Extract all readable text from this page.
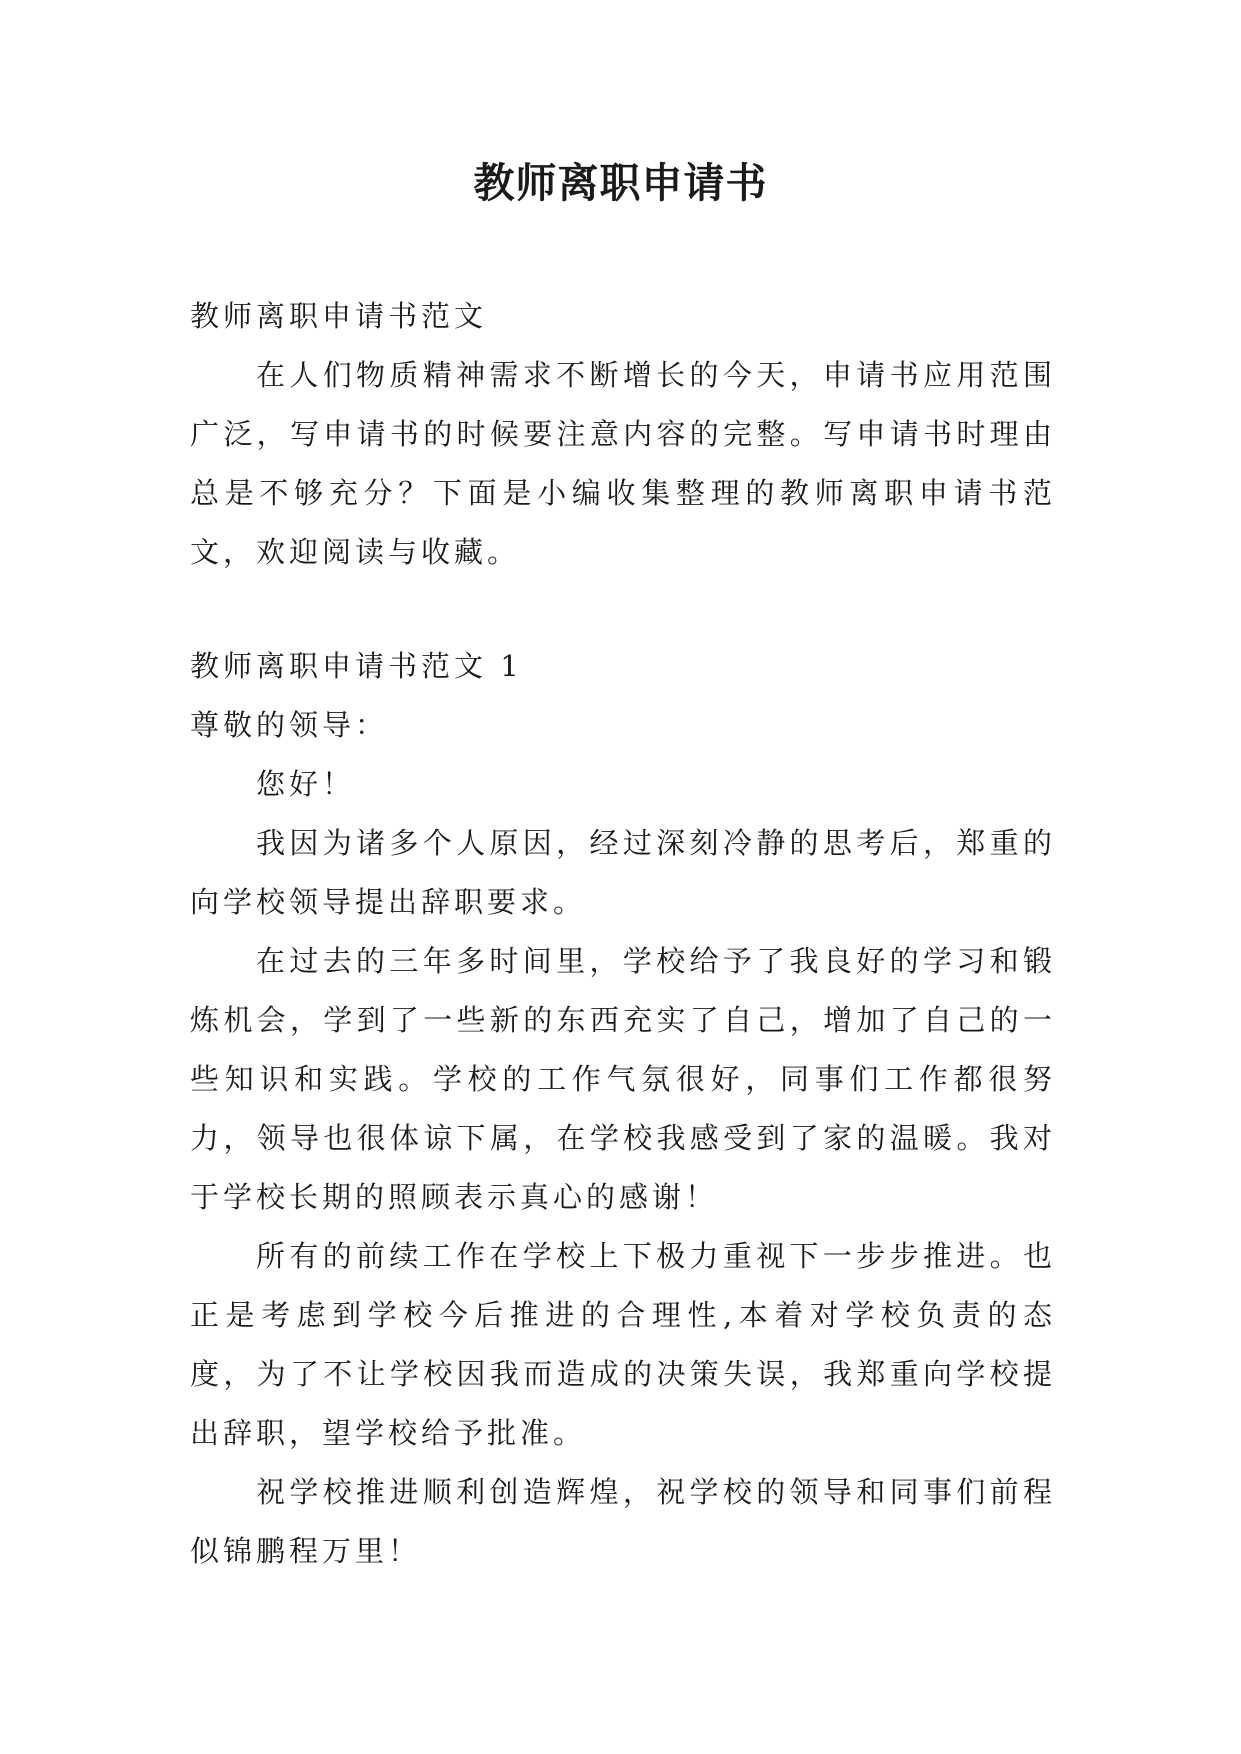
教师离职申请书

教师离职申请书范文

在人们物质精神需求不断增长的今天，申请书应用范围广泛，写申请书的时候要注意内容的完整。写申请书时理由总是不够充分？下面是小编收集整理的教师离职申请书范文，欢迎阅读与收藏。

教师离职申请书范文 1

尊敬的领导：

您好！

我因为诸多个人原因，经过深刻冷静的思考后，郑重的向学校领导提出辞职要求。

在过去的三年多时间里，学校给予了我良好的学习和锻炼机会，学到了一些新的东西充实了自己，增加了自己的一些知识和实践。学校的工作气氛很好，同事们工作都很努力，领导也很体谅下属，在学校我感受到了家的温暖。我对于学校长期的照顾表示真心的感谢！

所有的前续工作在学校上下极力重视下一步步推进。也正是考虑到学校今后推进的合理性,本着对学校负责的态度，为了不让学校因我而造成的决策失误，我郑重向学校提出辞职，望学校给予批准。

祝学校推进顺利创造辉煌，祝学校的领导和同事们前程似锦鹏程万里！
